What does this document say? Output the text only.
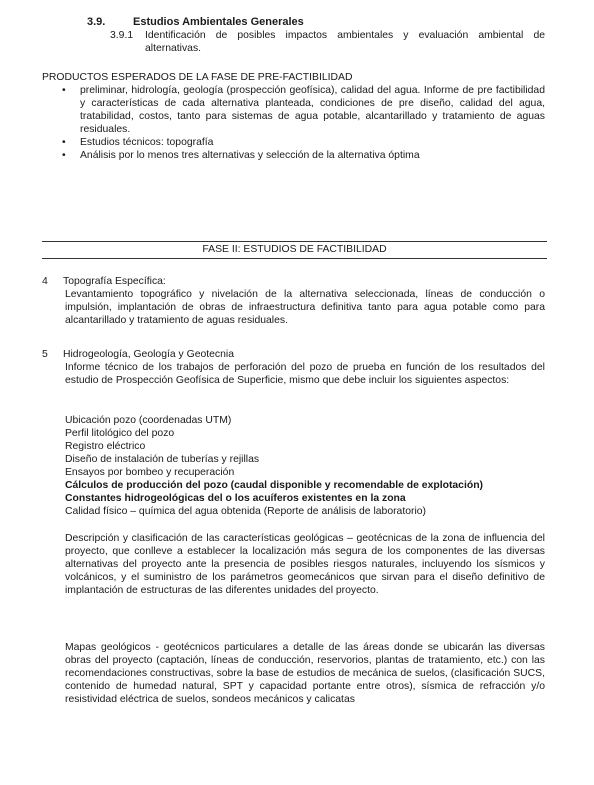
3.9.	Estudios Ambientales Generales
3.9.1 Identificación de posibles impactos ambientales y evaluación ambiental de alternativas.
PRODUCTOS ESPERADOS DE LA FASE DE PRE-FACTIBILIDAD
• preliminar, hidrología, geología (prospección geofísica), calidad del agua. Informe de pre factibilidad y características de cada alternativa planteada, condiciones de pre diseño, calidad del agua, tratabilidad, costos, tanto para sistemas de agua potable, alcantarillado y tratamiento de aguas residuales.
• Estudios técnicos: topografía
• Análisis por lo menos tres alternativas y selección de la alternativa óptima
FASE II: ESTUDIOS DE FACTIBILIDAD
4 Topografía Específica:
Levantamiento topográfico y nivelación de la alternativa seleccionada, líneas de conducción o impulsión, implantación de obras de infraestructura definitiva tanto para agua potable como para alcantarillado y tratamiento de aguas residuales.
5 Hidrogeología, Geología y Geotecnia
Informe técnico de los trabajos de perforación del pozo de prueba en función de los resultados del estudio de Prospección Geofísica de Superficie, mismo que debe incluir los siguientes aspectos:
Ubicación pozo (coordenadas UTM)
Perfil litológico del pozo
Registro eléctrico
Diseño de instalación de tuberías y rejillas
Ensayos por bombeo y recuperación
Cálculos de producción del pozo (caudal disponible y recomendable de explotación)
Constantes hidrogeológicas del o los acuíferos existentes en la zona
Calidad físico – química del agua obtenida (Reporte de análisis de laboratorio)
Descripción y clasificación de las características geológicas – geotécnicas de la zona de influencia del proyecto, que conlleve a establecer la localización más segura de los componentes de las diversas alternativas del proyecto ante la presencia de posibles riesgos naturales, incluyendo los sísmicos y volcánicos, y el suministro de los parámetros geomecánicos que sirvan para el diseño definitivo de implantación de estructuras de las diferentes unidades del proyecto.
Mapas geológicos - geotécnicos particulares a detalle de las áreas donde se ubicarán las diversas obras del proyecto (captación, líneas de conducción, reservorios, plantas de tratamiento, etc.) con las recomendaciones constructivas, sobre la base de estudios de mecánica de suelos, (clasificación SUCS, contenido de humedad natural, SPT y capacidad portante entre otros), sísmica de refracción y/o resistividad eléctrica de suelos, sondeos mecánicos y calicatas
